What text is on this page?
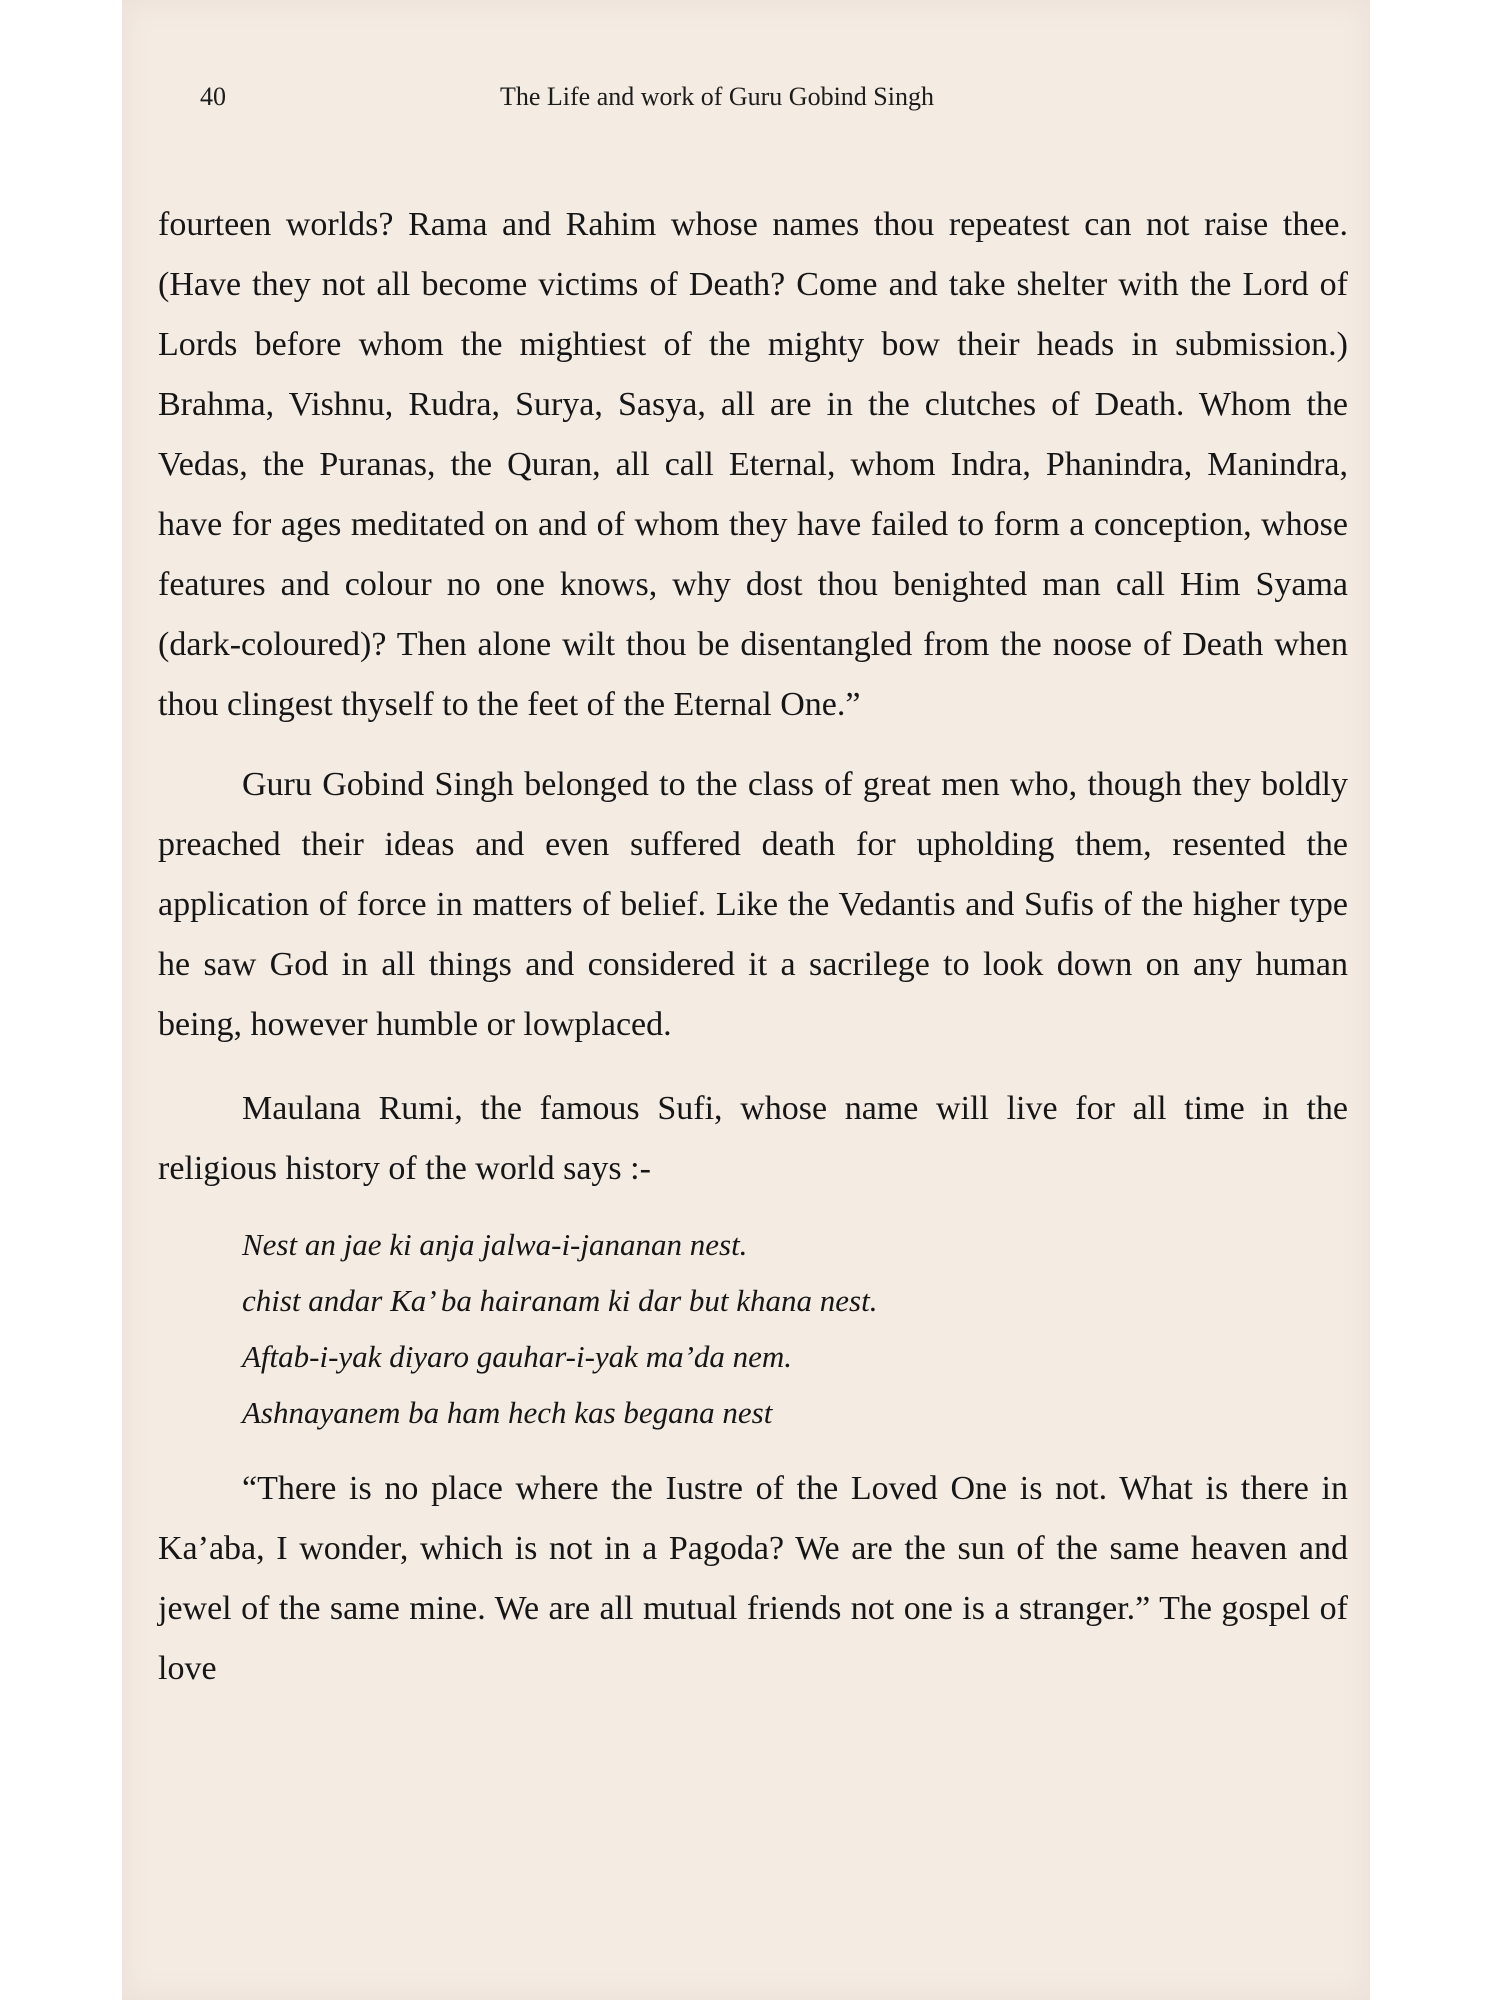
40	The Life and work of Guru Gobind Singh

fourteen worlds? Rama and Rahim whose names thou repeatest can not raise thee. (Have they not all become victims of Death? Come and take shelter with the Lord of Lords before whom the mightiest of the mighty bow their heads in submission.) Brahma, Vishnu, Rudra, Surya, Sasya, all are in the clutches of Death. Whom the Vedas, the Puranas, the Quran, all call Eternal, whom Indra, Phanindra, Manindra, have for ages meditated on and of whom they have failed to form a conception, whose features and colour no one knows, why dost thou benighted man call Him Syama (dark-coloured)? Then alone wilt thou be disentangled from the noose of Death when thou clingest thyself to the feet of the Eternal One.”

Guru Gobind Singh belonged to the class of great men who, though they boldly preached their ideas and even suffered death for upholding them, resented the application of force in matters of belief. Like the Vedantis and Sufis of the higher type he saw God in all things and considered it a sacrilege to look down on any human being, however humble or lowplaced.

Maulana Rumi, the famous Sufi, whose name will live for all time in the religious history of the world says :-

Nest an jae ki anja jalwa-i-jananan nest.
chist andar Ka’ ba hairanam ki dar but khana nest.
Aftab-i-yak diyaro gauhar-i-yak ma’da nem.
Ashnayanem ba ham hech kas begana nest

“There is no place where the Iustre of the Loved One is not. What is there in Ka’aba, I wonder, which is not in a Pagoda? We are the sun of the same heaven and jewel of the same mine. We are all mutual friends not one is a stranger.” The gospel of love
